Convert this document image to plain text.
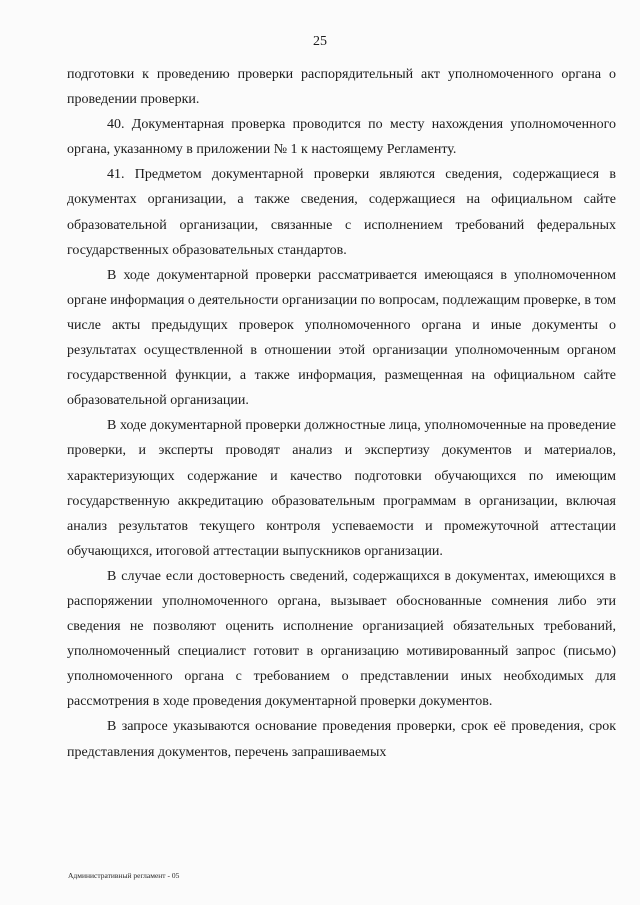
25

подготовки к проведению проверки распорядительный акт уполномоченного органа о проведении проверки.

40. Документарная проверка проводится по месту нахождения уполномоченного органа, указанному в приложении № 1 к настоящему Регламенту.

41. Предметом документарной проверки являются сведения, содержащиеся в документах организации, а также сведения, содержащиеся на официальном сайте образовательной организации, связанные с исполнением требований федеральных государственных образовательных стандартов.

В ходе документарной проверки рассматривается имеющаяся в уполномоченном органе информация о деятельности организации по вопросам, подлежащим проверке, в том числе акты предыдущих проверок уполномоченного органа и иные документы о результатах осуществленной в отношении этой организации уполномоченным органом государственной функции, а также информация, размещенная на официальном сайте образовательной организации.

В ходе документарной проверки должностные лица, уполномоченные на проведение проверки, и эксперты проводят анализ и экспертизу документов и материалов, характеризующих содержание и качество подготовки обучающихся по имеющим государственную аккредитацию образовательным программам в организации, включая анализ результатов текущего контроля успеваемости и промежуточной аттестации обучающихся, итоговой аттестации выпускников организации.

В случае если достоверность сведений, содержащихся в документах, имеющихся в распоряжении уполномоченного органа, вызывает обоснованные сомнения либо эти сведения не позволяют оценить исполнение организацией обязательных требований, уполномоченный специалист готовит в организацию мотивированный запрос (письмо) уполномоченного органа с требованием о представлении иных необходимых для рассмотрения в ходе проведения документарной проверки документов.

В запросе указываются основание проведения проверки, срок её проведения, срок представления документов, перечень запрашиваемых

Административный регламент - 05
